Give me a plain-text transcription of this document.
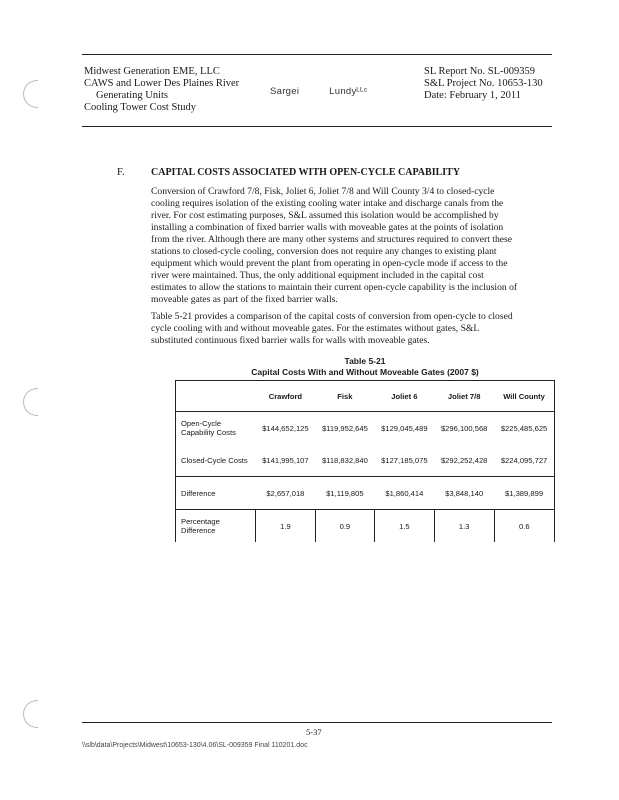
Midwest Generation EME, LLC
CAWS and Lower Des Plaines River
Generating Units
Cooling Tower Cost Study
Sargei	Lundyᴸᴸᶜ
SL Report No. SL-009359
S&L Project No. 10653-130
Date: February 1, 2011
F.	CAPITAL COSTS ASSOCIATED WITH OPEN-CYCLE CAPABILITY
Conversion of Crawford 7/8, Fisk, Joliet 6, Joliet 7/8 and Will County 3/4 to closed-cycle
cooling requires isolation of the existing cooling water intake and discharge canals from the
river. For cost estimating purposes, S&L assumed this isolation would be accomplished by
installing a combination of fixed barrier walls with moveable gates at the points of isolation
from the river. Although there are many other systems and structures required to convert these
stations to closed-cycle cooling, conversion does not require any changes to existing plant
equipment which would prevent the plant from operating in open-cycle mode if access to the
river were maintained. Thus, the only additional equipment included in the capital cost
estimates to allow the stations to maintain their current open-cycle capability is the inclusion of
moveable gates as part of the fixed barrier walls.
Table 5-21 provides a comparison of the capital costs of conversion from open-cycle to closed
cycle cooling with and without moveable gates. For the estimates without gates, S&L
substituted continuous fixed barrier walls for walls with moveable gates.
Table 5-21
Capital Costs With and Without Moveable Gates (2007 $)
	Crawford	Fisk	Joliet 6	Joliet 7/8	Will County
Open-Cycle Capability Costs	$144,652,125	$119,952,645	$129,045,489	$296,100,568	$225,485,625
Closed-Cycle Costs	$141,995,107	$118,832,840	$127,185,075	$292,252,428	$224,095,727
Difference	$2,657,018	$1,119,805	$1,860,414	$3,848,140	$1,389,899
Percentage Difference	1.9	0.9	1.5	1.3	0.6
5-37
\\slb\data\Projects\Midwest\10653-130\4.06\SL-009359 Final 110201.doc
